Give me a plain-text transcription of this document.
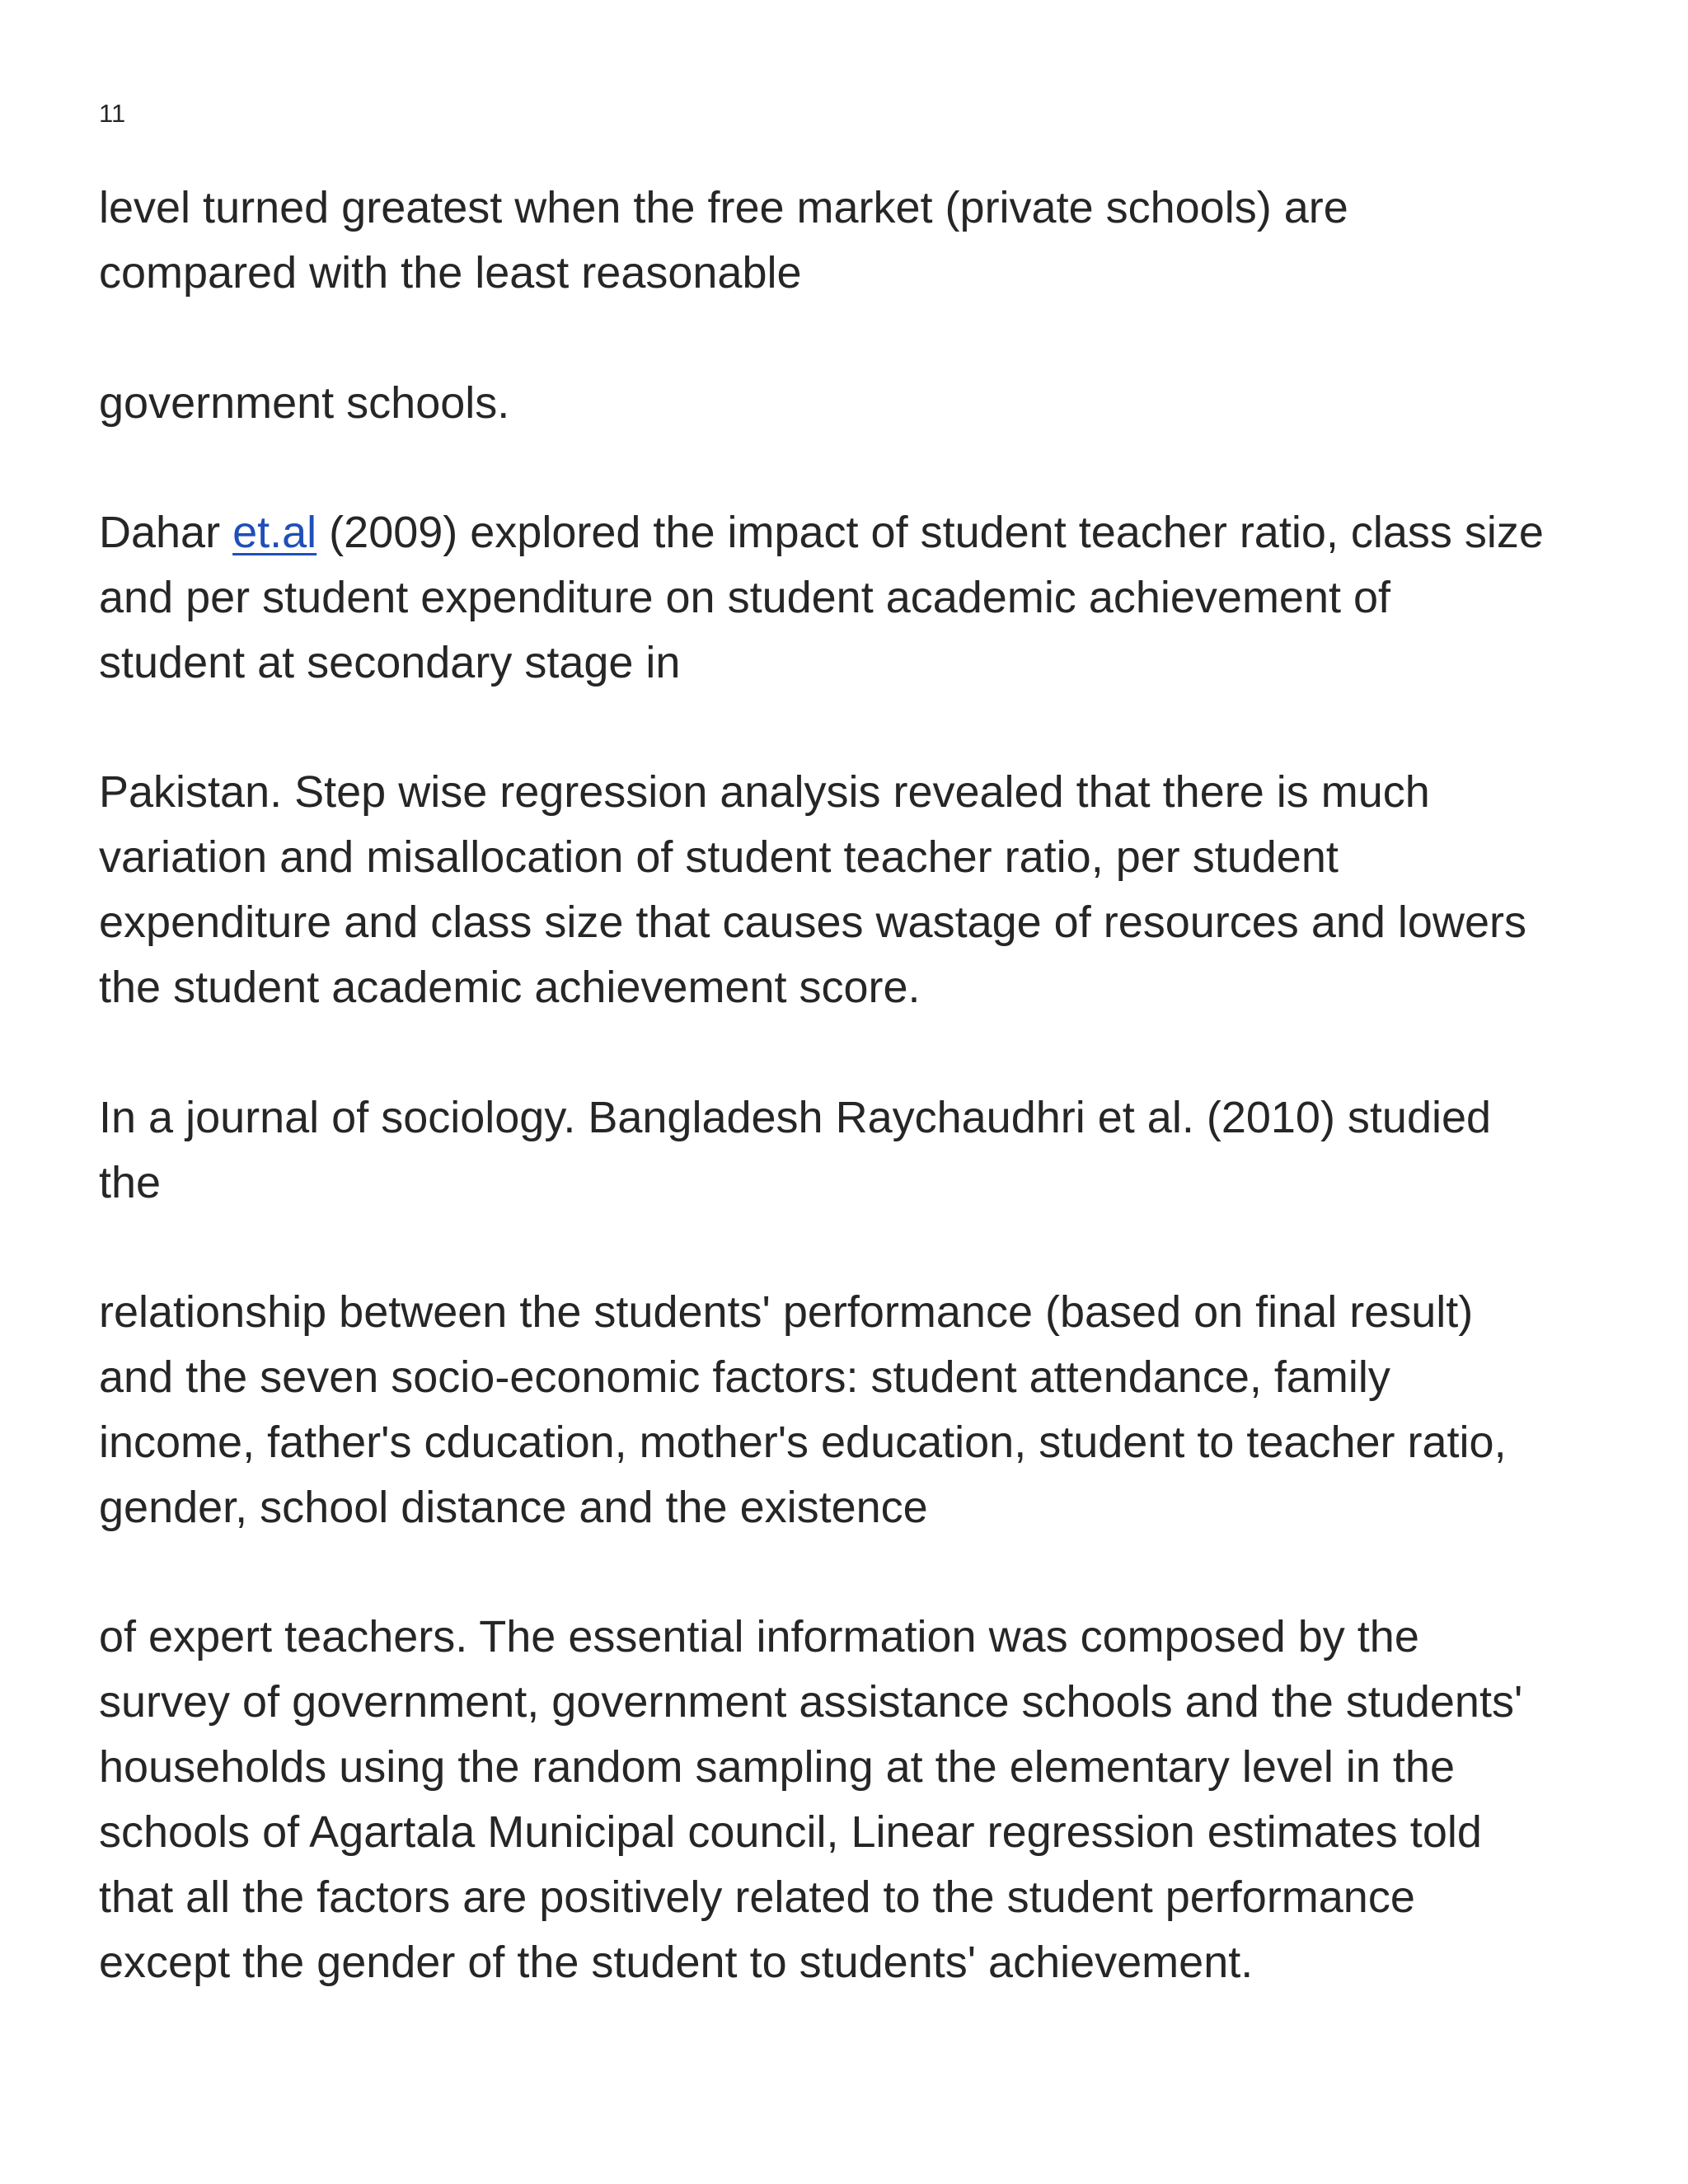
11
level turned greatest when the free market (private schools) are
compared with the least reasonable
government schools.
Dahar et.al (2009) explored the impact of student teacher ratio, class size
and per student expenditure on student academic achievement of
student at secondary stage in
Pakistan. Step wise regression analysis revealed that there is much
variation and misallocation of student teacher ratio, per student
expenditure and class size that causes wastage of resources and lowers
the student academic achievement score.
In a journal of sociology. Bangladesh Raychaudhri et al. (2010) studied
the
relationship between the students' performance (based on final result)
and the seven socio-economic factors: student attendance, family
income, father's cducation, mother's education, student to teacher ratio,
gender, school distance and the existence
of expert teachers. The essential information was composed by the
survey of government, government assistance schools and the students'
households using the random sampling at the elementary level in the
schools of Agartala Municipal council, Linear regression estimates told
that all the factors are positively related to the student performance
except the gender of the student to students' achievement.
